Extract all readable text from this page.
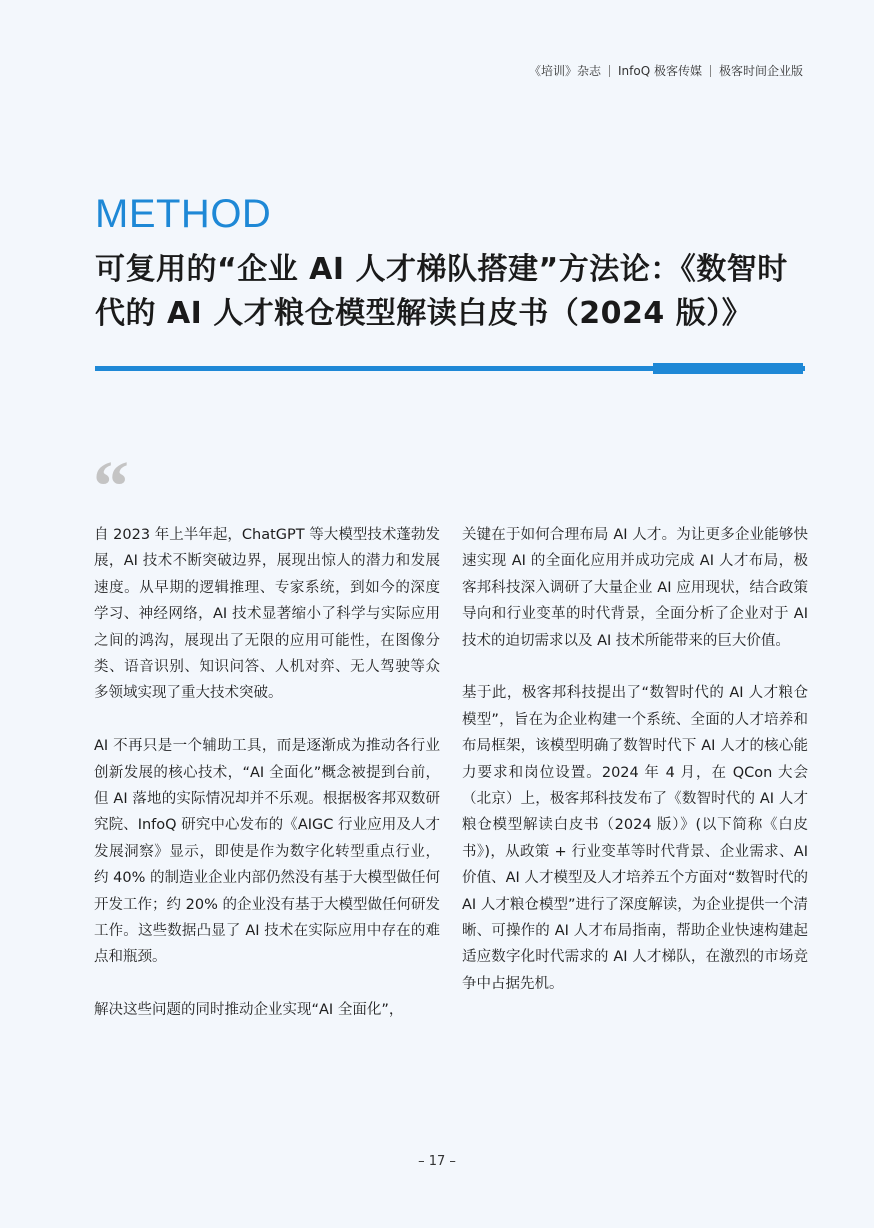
《培训》杂志 InfoQ 极客传媒 极客时间企业版
METHOD
可复用的“企业 AI 人才梯队搭建”方法论：《数智时代的 AI 人才粮仓模型解读白皮书（2024 版）》
“

自 2023 年上半年起，ChatGPT 等大模型技术蓬勃发展，AI 技术不断突破边界，展现出惊人的潜力和发展速度。从早期的逻辑推理、专家系统，到如今的深度学习、神经网络，AI 技术显著缩小了科学与实际应用之间的鸿沟，展现出了无限的应用可能性，在图像分类、语音识别、知识问答、人机对弈、无人驾驶等众多领域实现了重大技术突破。

AI 不再只是一个辅助工具，而是逐渐成为推动各行业创新发展的核心技术，“AI 全面化”概念被提到台前，但 AI 落地的实际情况却并不乐观。根据极客邦双数研究院、InfoQ 研究中心发布的《AIGC 行业应用及人才发展洞察》显示，即使是作为数字化转型重点行业，约 40% 的制造业企业内部仍然没有基于大模型做任何开发工作；约 20% 的企业没有基于大模型做任何研发工作。这些数据凸显了 AI 技术在实际应用中存在的难点和瓶颈。

解决这些问题的同时推动企业实现“AI 全面化”，

关键在于如何合理布局 AI 人才。为让更多企业能够快速实现 AI 的全面化应用并成功完成 AI 人才布局，极客邦科技深入调研了大量企业 AI 应用现状，结合政策导向和行业变革的时代背景，全面分析了企业对于 AI 技术的迫切需求以及 AI 技术所能带来的巨大价值。

基于此，极客邦科技提出了“数智时代的 AI 人才粮仓模型”，旨在为企业构建一个系统、全面的人才培养和布局框架，该模型明确了数智时代下 AI 人才的核心能力要求和岗位设置。2024 年 4 月，在 QCon 大会（北京）上，极客邦科技发布了《数智时代的 AI 人才粮仓模型解读白皮书（2024 版）》(以下简称《白皮书》)，从政策 + 行业变革等时代背景、企业需求、AI 价值、AI 人才模型及人才培养五个方面对“数智时代的 AI 人才粮仓模型”进行了深度解读，为企业提供一个清晰、可操作的 AI 人才布局指南，帮助企业快速构建起适应数字化时代需求的 AI 人才梯队，在激烈的市场竞争中占据先机。

– 17 –
